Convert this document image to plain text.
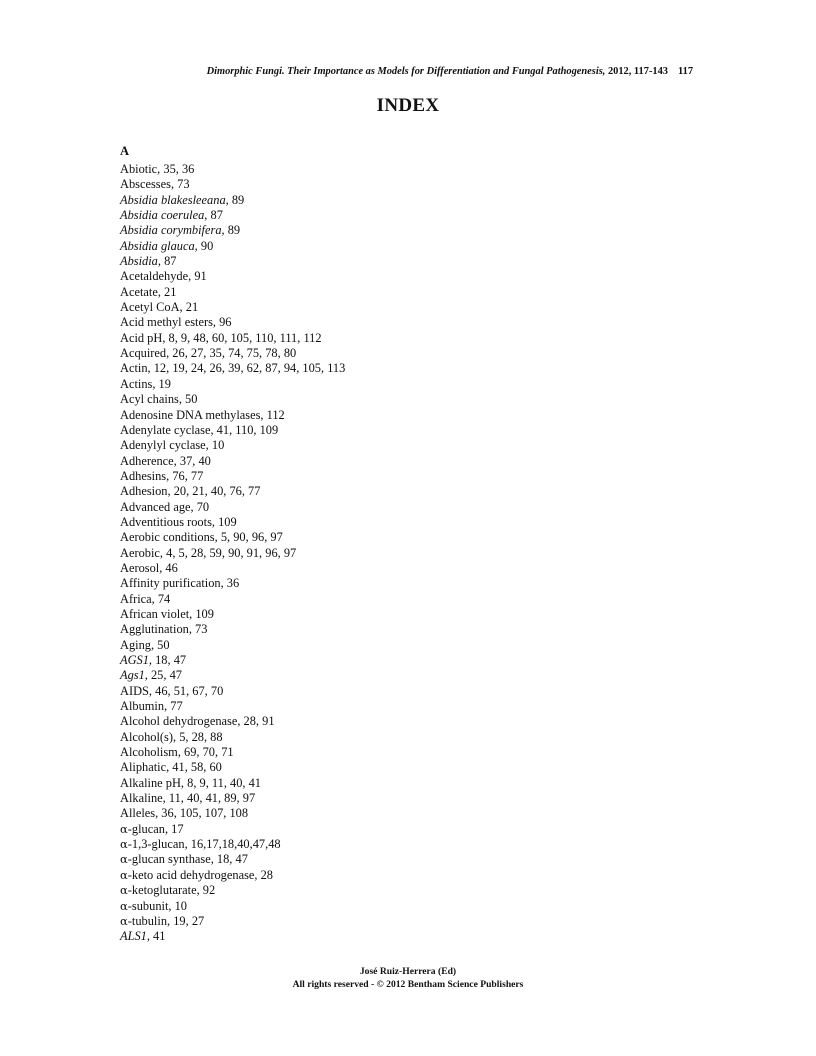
Dimorphic Fungi. Their Importance as Models for Differentiation and Fungal Pathogenesis, 2012, 117-143 117
INDEX
A
Abiotic, 35, 36
Abscesses, 73
Absidia blakesleeana, 89
Absidia coerulea, 87
Absidia corymbifera, 89
Absidia glauca, 90
Absidia, 87
Acetaldehyde, 91
Acetate, 21
Acetyl CoA, 21
Acid methyl esters, 96
Acid pH, 8, 9, 48, 60, 105, 110, 111, 112
Acquired, 26, 27, 35, 74, 75, 78, 80
Actin, 12, 19, 24, 26, 39, 62, 87, 94, 105, 113
Actins, 19
Acyl chains, 50
Adenosine DNA methylases, 112
Adenylate cyclase, 41, 110, 109
Adenylyl cyclase, 10
Adherence, 37, 40
Adhesins, 76, 77
Adhesion, 20, 21, 40, 76, 77
Advanced age, 70
Adventitious roots, 109
Aerobic conditions, 5, 90, 96, 97
Aerobic, 4, 5, 28, 59, 90, 91, 96, 97
Aerosol, 46
Affinity purification, 36
Africa, 74
African violet, 109
Agglutination, 73
Aging, 50
AGS1, 18, 47
Ags1, 25, 47
AIDS, 46, 51, 67, 70
Albumin, 77
Alcohol dehydrogenase, 28, 91
Alcohol(s), 5, 28, 88
Alcoholism, 69, 70, 71
Aliphatic, 41, 58, 60
Alkaline pH, 8, 9, 11, 40, 41
Alkaline, 11, 40, 41, 89, 97
Alleles, 36, 105, 107, 108
α-glucan, 17
α-1,3-glucan, 16,17,18,40,47,48
α-glucan synthase, 18, 47
α-keto acid dehydrogenase, 28
α-ketoglutarate, 92
α-subunit, 10
α-tubulin, 19, 27
ALS1, 41
José Ruiz-Herrera (Ed)
All rights reserved - © 2012 Bentham Science Publishers
